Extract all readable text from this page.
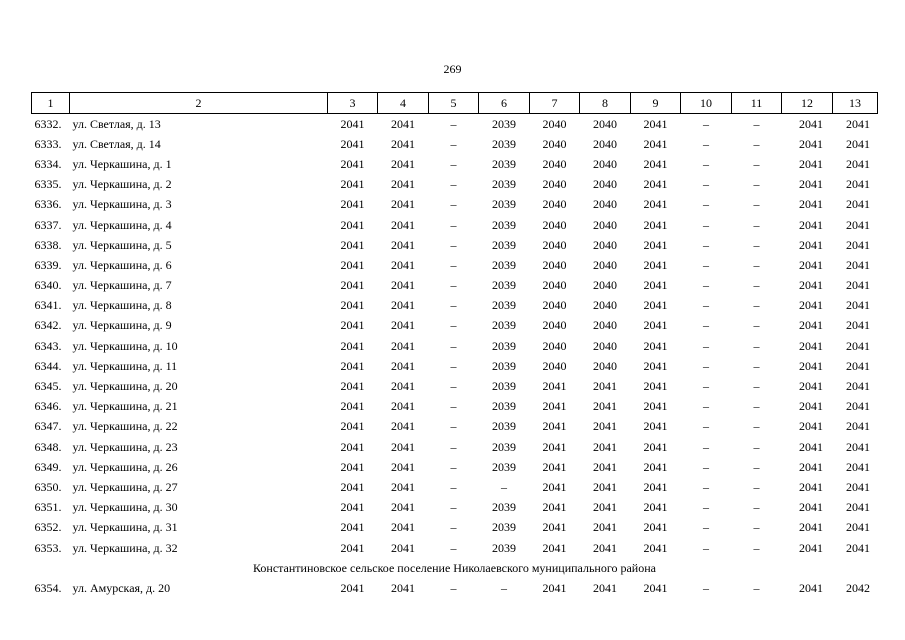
269
1	2	3	4	5	6	7	8	9	10	11	12	13
6332.	ул. Светлая, д. 13	2041	2041	–	2039	2040	2040	2041	–	–	2041	2041
6333.	ул. Светлая, д. 14	2041	2041	–	2039	2040	2040	2041	–	–	2041	2041
6334.	ул. Черкашина, д. 1	2041	2041	–	2039	2040	2040	2041	–	–	2041	2041
6335.	ул. Черкашина, д. 2	2041	2041	–	2039	2040	2040	2041	–	–	2041	2041
6336.	ул. Черкашина, д. 3	2041	2041	–	2039	2040	2040	2041	–	–	2041	2041
6337.	ул. Черкашина, д. 4	2041	2041	–	2039	2040	2040	2041	–	–	2041	2041
6338.	ул. Черкашина, д. 5	2041	2041	–	2039	2040	2040	2041	–	–	2041	2041
6339.	ул. Черкашина, д. 6	2041	2041	–	2039	2040	2040	2041	–	–	2041	2041
6340.	ул. Черкашина, д. 7	2041	2041	–	2039	2040	2040	2041	–	–	2041	2041
6341.	ул. Черкашина, д. 8	2041	2041	–	2039	2040	2040	2041	–	–	2041	2041
6342.	ул. Черкашина, д. 9	2041	2041	–	2039	2040	2040	2041	–	–	2041	2041
6343.	ул. Черкашина, д. 10	2041	2041	–	2039	2040	2040	2041	–	–	2041	2041
6344.	ул. Черкашина, д. 11	2041	2041	–	2039	2040	2040	2041	–	–	2041	2041
6345.	ул. Черкашина, д. 20	2041	2041	–	2039	2041	2041	2041	–	–	2041	2041
6346.	ул. Черкашина, д. 21	2041	2041	–	2039	2041	2041	2041	–	–	2041	2041
6347.	ул. Черкашина, д. 22	2041	2041	–	2039	2041	2041	2041	–	–	2041	2041
6348.	ул. Черкашина, д. 23	2041	2041	–	2039	2041	2041	2041	–	–	2041	2041
6349.	ул. Черкашина, д. 26	2041	2041	–	2039	2041	2041	2041	–	–	2041	2041
6350.	ул. Черкашина, д. 27	2041	2041	–	–	2041	2041	2041	–	–	2041	2041
6351.	ул. Черкашина, д. 30	2041	2041	–	2039	2041	2041	2041	–	–	2041	2041
6352.	ул. Черкашина, д. 31	2041	2041	–	2039	2041	2041	2041	–	–	2041	2041
6353.	ул. Черкашина, д. 32	2041	2041	–	2039	2041	2041	2041	–	–	2041	2041
Константиновское сельское поселение Николаевского муниципального района												
6354.	ул. Амурская, д. 20	2041	2041	–	–	2041	2041	2041	–	–	2041	2042
